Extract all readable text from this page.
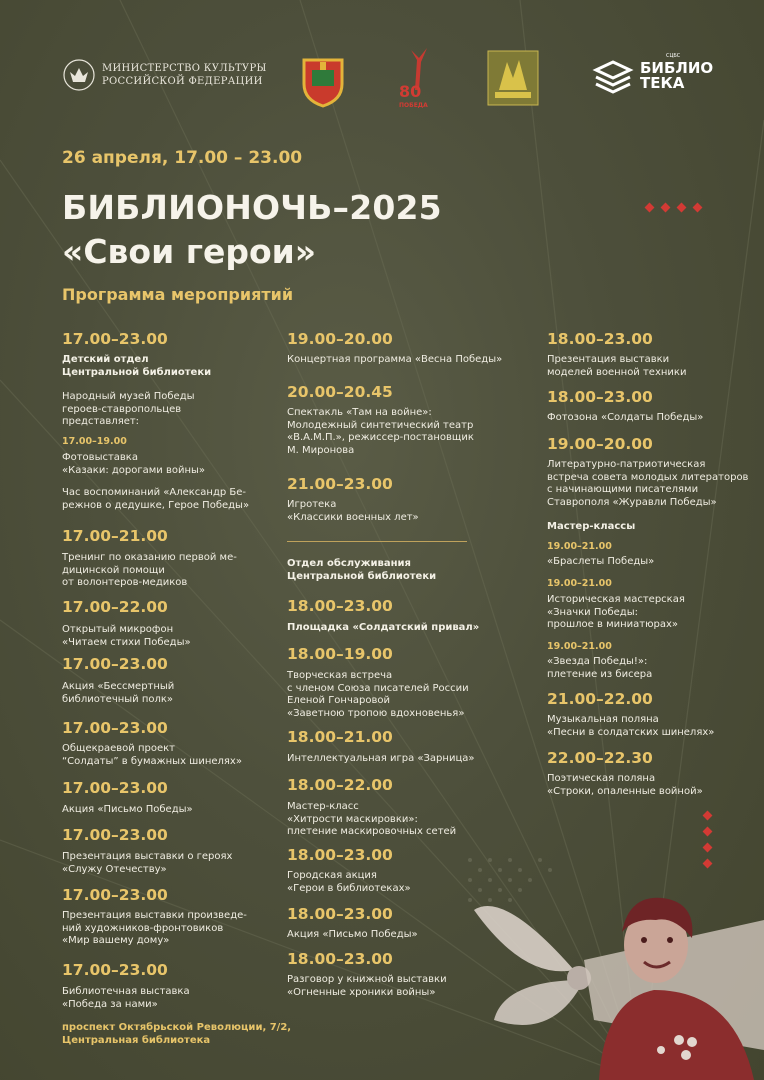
МИНИСТЕРСТВО КУЛЬТУРЫ
РОССИЙСКОЙ ФЕДЕРАЦИИ
80
ПОБЕДА
СЦБС
БИБЛИО
ТЕКА
26 апреля, 17.00 – 23.00
БИБЛИОНОЧЬ–2025
«Свои герои»
Программа мероприятий
17.00–23.00
Детский отдел
Центральной библиотеки
Народный музей Победы
героев-ставропольцев
представляет:
17.00–19.00
Фотовыставка
«Казаки: дорогами войны»
Час воспоминаний «Александр Бе-
режнов о дедушке, Герое Победы»
17.00–21.00
Тренинг по оказанию первой ме-
дицинской помощи
от волонтеров-медиков
17.00–22.00
Открытый микрофон
«Читаем стихи Победы»
17.00–23.00
Акция «Бессмертный
библиотечный полк»
17.00–23.00
Общекраевой проект
“Солдаты” в бумажных шинелях»
17.00–23.00
Акция «Письмо Победы»
17.00–23.00
Презентация выставки о героях
«Служу Отечеству»
17.00–23.00
Презентация выставки произведе-
ний художников-фронтовиков
«Мир вашему дому»
17.00–23.00
Библиотечная выставка
«Победа за нами»
проспект Октябрьской Революции, 7/2,
Центральная библиотека
19.00–20.00
Концертная программа «Весна Победы»
20.00–20.45
Спектакль «Там на войне»:
Молодежный синтетический театр
«В.А.М.П.», режиссер-постановщик
М. Миронова
21.00–23.00
Игротека
«Классики военных лет»
Отдел обслуживания
Центральной библиотеки
18.00–23.00
Площадка «Солдатский привал»
18.00–19.00
Творческая встреча
с членом Союза писателей России
Еленой Гончаровой
«Заветною тропою вдохновенья»
18.00–21.00
Интеллектуальная игра «Зарница»
18.00–22.00
Мастер-класс
«Хитрости маскировки»:
плетение маскировочных сетей
18.00–23.00
Городская акция
«Герои в библиотеках»
18.00–23.00
Акция «Письмо Победы»
18.00–23.00
Разговор у книжной выставки
«Огненные хроники войны»
18.00–23.00
Презентация выставки
моделей военной техники
18.00–23.00
Фотозона «Солдаты Победы»
19.00–20.00
Литературно-патриотическая
встреча совета молодых литераторов
с начинающими писателями
Ставрополя «Журавли Победы»
Мастер-классы
19.00–21.00
«Браслеты Победы»
19.00–21.00
Историческая мастерская
«Значки Победы:
прошлое в миниатюрах»
19.00–21.00
«Звезда Победы!»:
плетение из бисера
21.00–22.00
Музыкальная поляна
«Песни в солдатских шинелях»
22.00–22.30
Поэтическая поляна
«Строки, опаленные войной»
